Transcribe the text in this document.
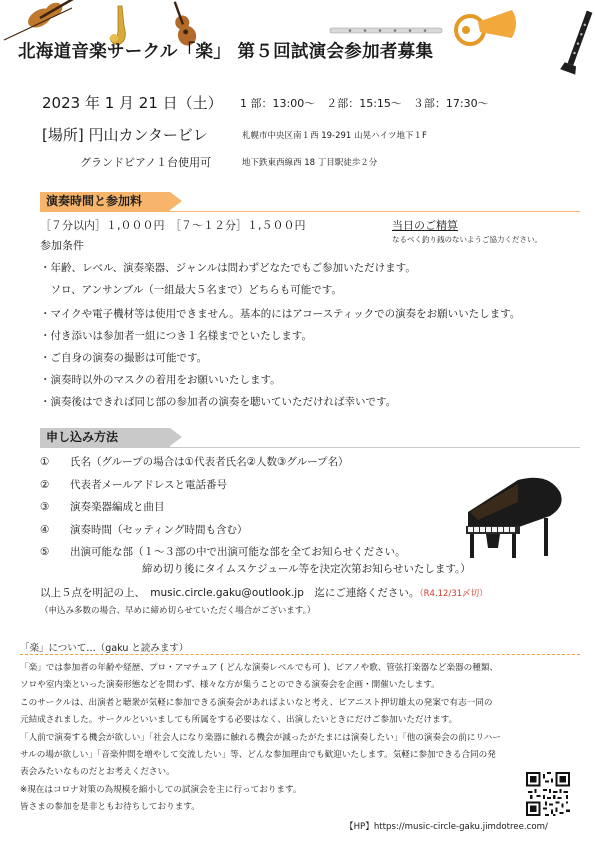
北海道音楽サークル「楽」 第５回試演会参加者募集
2023 年 1 月 21 日（土） 1 部：13:00〜　２部：15:15〜　３部：17:30〜
[場所] 円山カンタービレ	札幌市中央区南１西 19-291 山晃ハイツ地下１F
グランドピアノ１台使用可	地下鉄東西線西 18 丁目駅徒歩２分
演奏時間と参加料
［７分以内］１,０００円　［７〜１２分］１,５００円	当日のご精算
なるべく釣り銭のないようご協力ください。
参加条件
・年齢、レベル、演奏楽器、ジャンルは問わずどなたでもご参加いただけます。
　ソロ、アンサンブル（一組最大５名まで）どちらも可能です。
・マイクや電子機材等は使用できません。基本的にはアコースティックでの演奏をお願いいたします。
・付き添いは参加者一組につき１名様までといたします。
・ご自身の演奏の撮影は可能です。
・演奏時以外のマスクの着用をお願いいたします。
・演奏後はできれば同じ部の参加者の演奏を聴いていただければ幸いです。
申し込み方法
① 氏名（グループの場合は①代表者氏名②人数③グループ名）
② 代表者メールアドレスと電話番号
③ 演奏楽器編成と曲目
④ 演奏時間（セッティング時間も含む）
⑤ 出演可能な部（１〜３部の中で出演可能な部を全てお知らせください。
締め切り後にタイムスケジュール等を決定次第お知らせいたします。）
以上５点を明記の上、　music.circle.gaku@outlook.jp　迄にご連絡ください。（R4.12/31〆切）
（申込み多数の場合、早めに締め切らせていただく場合がございます。）
「楽」について…（gaku と読みます）

「楽」では参加者の年齢や経歴、プロ・アマチュア ( どんな演奏レベルでも可 )、ピアノや歌、管弦打楽器など楽器の種類、

ソロや室内楽といった演奏形態などを問わず、様々な方が集うことのできる演奏会を企画・開催いたします。

このサークルは、出演者と聴衆が気軽に参加できる演奏会があればよいなと考え、ピアニスト押切雄太の発案で有志一同の

元結成されました。サークルといいましても所属をする必要はなく、出演したいときにだけご参加いただけます。

「人前で演奏する機会が欲しい」「社会人になり楽器に触れる機会が減ったがたまには演奏したい」「他の演奏会の前にリハー

サルの場が欲しい」「音楽仲間を増やして交流したい」等、どんな参加理由でも歓迎いたします。気軽に参加できる合同の発

表会みたいなものだとお考えください。

※現在はコロナ対策の為規模を縮小しての試演会を主に行っております。

皆さまの参加を是非ともお待ちしております。

【HP】https://music-circle-gaku.jimdotree.com/
